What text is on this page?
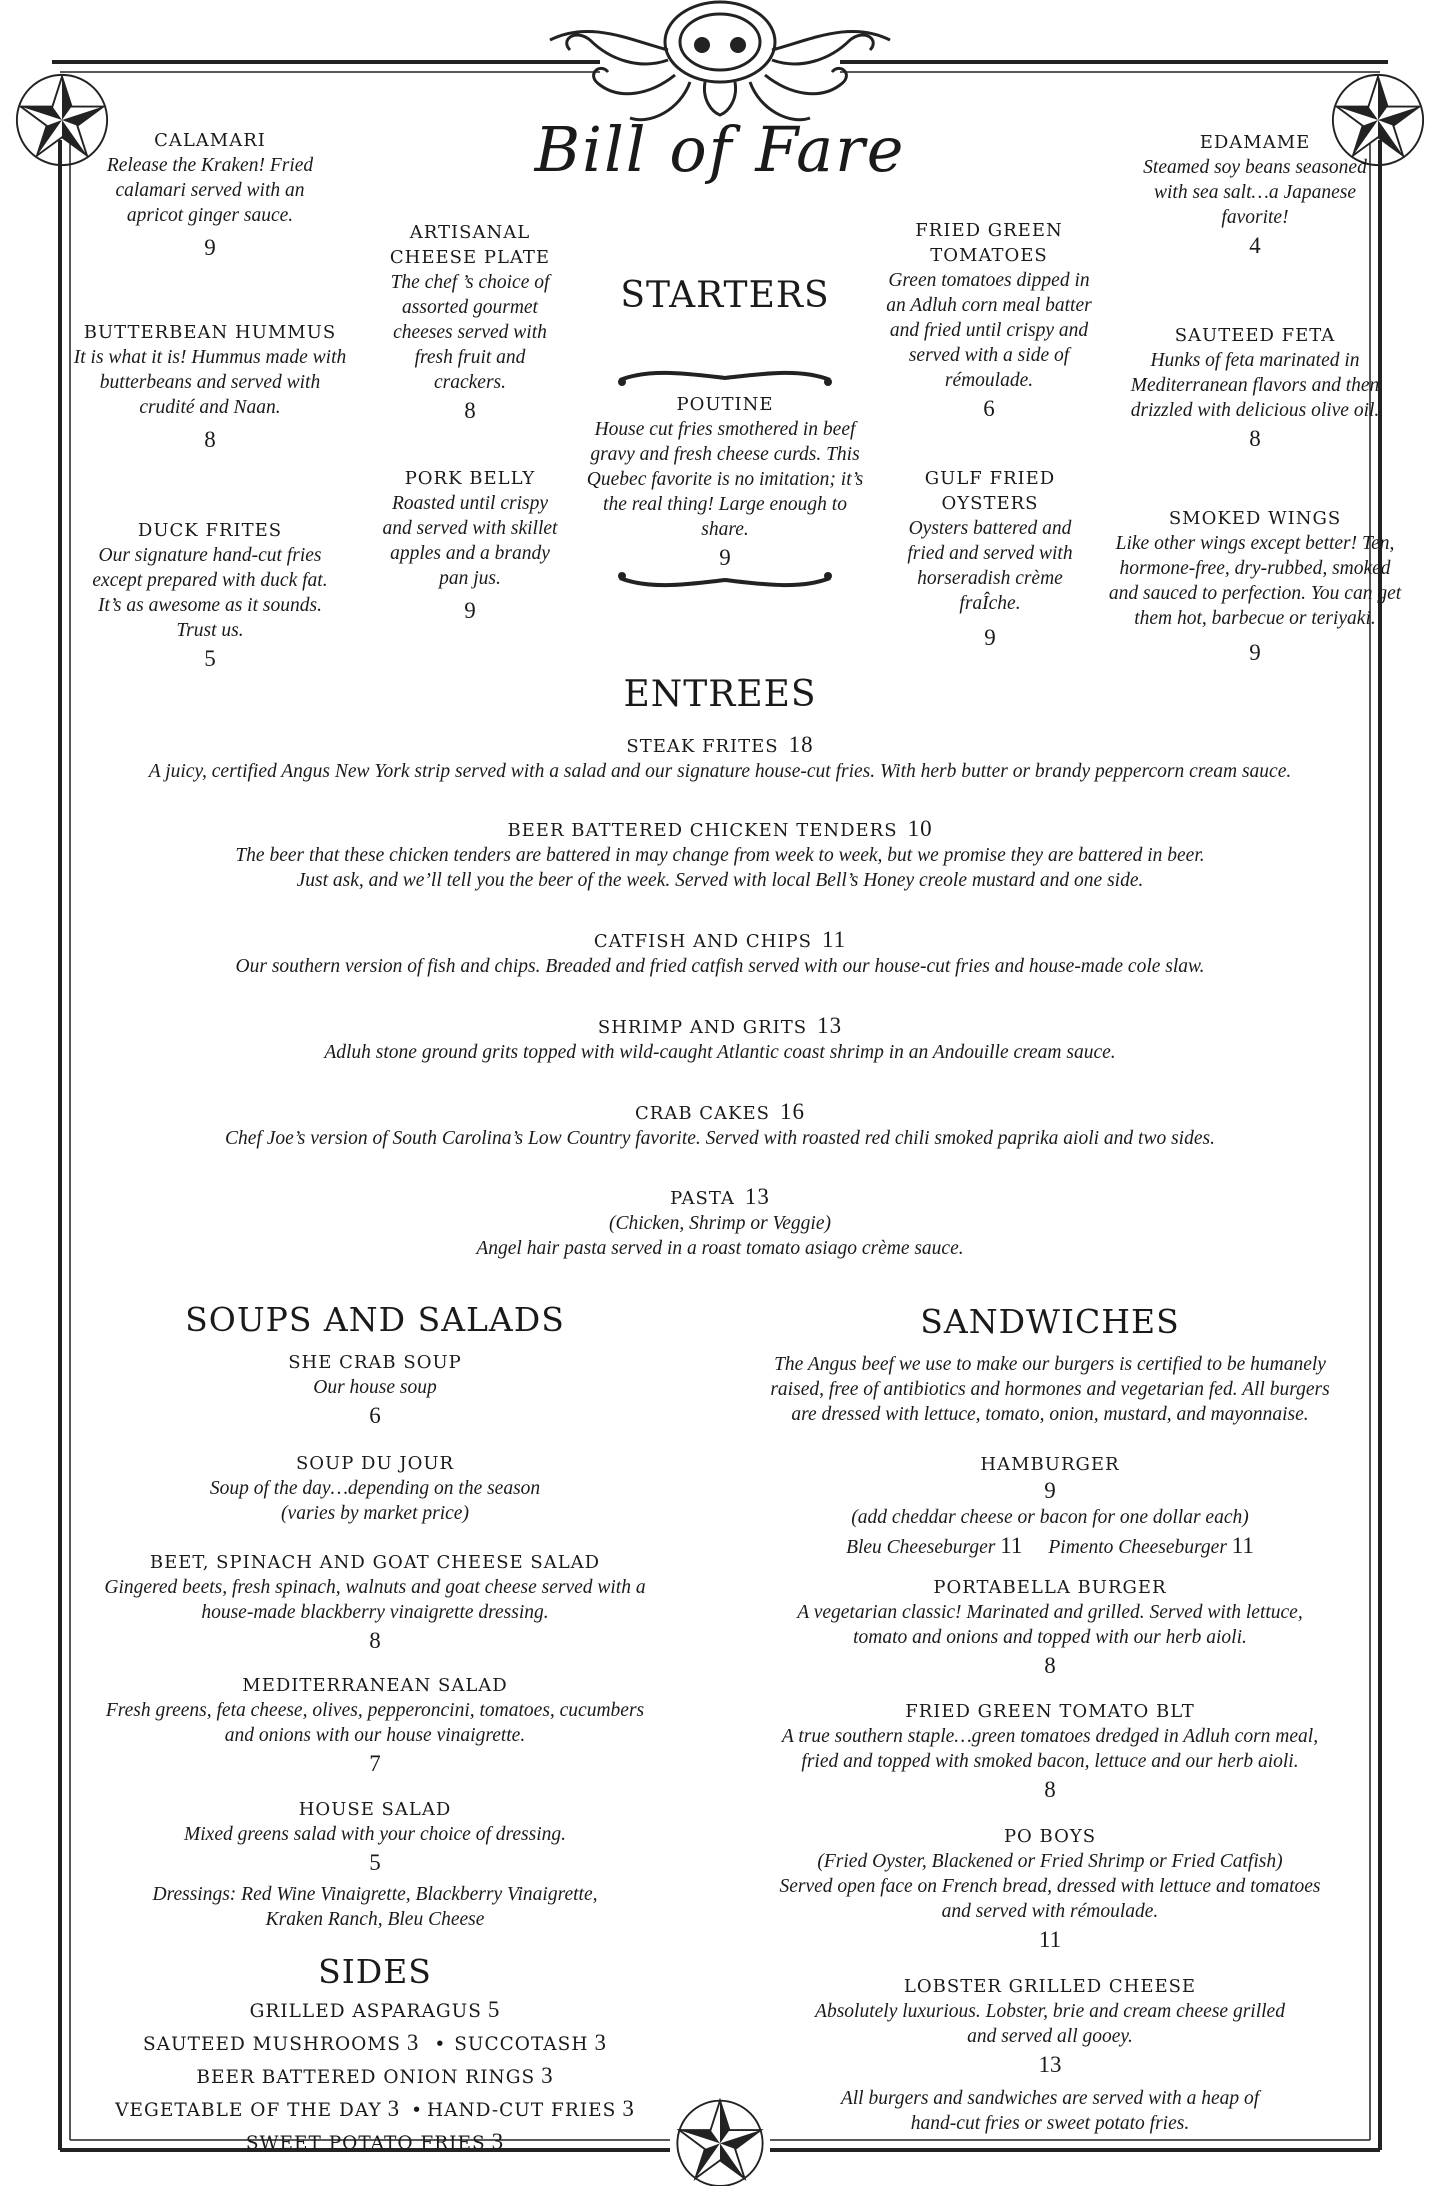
Bill of Fare
STARTERS
CALAMARI
Release the Kraken! Fried calamari served with an apricot ginger sauce.
9
BUTTERBEAN HUMMUS
It is what it is! Hummus made with butterbeans and served with crudité and Naan.
8
DUCK FRITES
Our signature hand-cut fries except prepared with duck fat. It’s as awesome as it sounds. Trust us.
5
ARTISANAL CHEESE PLATE
The chef ’s choice of assorted gourmet cheeses served with fresh fruit and crackers.
8
PORK BELLY
Roasted until crispy and served with skillet apples and a brandy pan jus.
9
POUTINE
House cut fries smothered in beef gravy and fresh cheese curds. This Quebec favorite is no imitation; it’s the real thing! Large enough to share.
9
FRIED GREEN TOMATOES
Green tomatoes dipped in an Adluh corn meal batter and fried until crispy and served with a side of rémoulade.
6
GULF FRIED OYSTERS
Oysters battered and fried and served with horseradish crème fraÎche.
9
EDAMAME
Steamed soy beans seasoned with sea salt…a Japanese favorite!
4
SAUTEED FETA
Hunks of feta marinated in Mediterranean flavors and then drizzled with delicious olive oil.
8
SMOKED WINGS
Like other wings except better! Ten, hormone-free, dry-rubbed, smoked and sauced to perfection. You can get them hot, barbecue or teriyaki.
9
ENTREES
STEAK FRITES 18
A juicy, certified Angus New York strip served with a salad and our signature house-cut fries. With herb butter or brandy peppercorn cream sauce.
BEER BATTERED CHICKEN TENDERS 10
The beer that these chicken tenders are battered in may change from week to week, but we promise they are battered in beer.
Just ask, and we’ll tell you the beer of the week. Served with local Bell’s Honey creole mustard and one side.
CATFISH AND CHIPS 11
Our southern version of fish and chips. Breaded and fried catfish served with our house-cut fries and house-made cole slaw.
SHRIMP AND GRITS 13
Adluh stone ground grits topped with wild-caught Atlantic coast shrimp in an Andouille cream sauce.
CRAB CAKES 16
Chef Joe’s version of South Carolina’s Low Country favorite. Served with roasted red chili smoked paprika aioli and two sides.
PASTA 13
(Chicken, Shrimp or Veggie)
Angel hair pasta served in a roast tomato asiago crème sauce.
SOUPS AND SALADS
SHE CRAB SOUP
Our house soup
6
SOUP DU JOUR
Soup of the day…depending on the season
(varies by market price)
BEET, SPINACH AND GOAT CHEESE SALAD
Gingered beets, fresh spinach, walnuts and goat cheese served with a
house-made blackberry vinaigrette dressing.
8
MEDITERRANEAN SALAD
Fresh greens, feta cheese, olives, pepperoncini, tomatoes, cucumbers
and onions with our house vinaigrette.
7
HOUSE SALAD
Mixed greens salad with your choice of dressing.
5
Dressings: Red Wine Vinaigrette, Blackberry Vinaigrette,
Kraken Ranch, Bleu Cheese
SIDES
GRILLED ASPARAGUS 5
SAUTEED MUSHROOMS 3 • SUCCOTASH 3
BEER BATTERED ONION RINGS 3
VEGETABLE OF THE DAY 3 • HAND-CUT FRIES 3
SWEET POTATO FRIES 3
SANDWICHES
The Angus beef we use to make our burgers is certified to be humanely
raised, free of antibiotics and hormones and vegetarian fed. All burgers
are dressed with lettuce, tomato, onion, mustard, and mayonnaise.
HAMBURGER
9
(add cheddar cheese or bacon for one dollar each)
Bleu Cheeseburger 11 Pimento Cheeseburger 11
PORTABELLA BURGER
A vegetarian classic! Marinated and grilled. Served with lettuce,
tomato and onions and topped with our herb aioli.
8
FRIED GREEN TOMATO BLT
A true southern staple…green tomatoes dredged in Adluh corn meal,
fried and topped with smoked bacon, lettuce and our herb aioli.
8
PO BOYS
(Fried Oyster, Blackened or Fried Shrimp or Fried Catfish)
Served open face on French bread, dressed with lettuce and tomatoes
and served with rémoulade.
11
LOBSTER GRILLED CHEESE
Absolutely luxurious. Lobster, brie and cream cheese grilled
and served all gooey.
13
All burgers and sandwiches are served with a heap of
hand-cut fries or sweet potato fries.
